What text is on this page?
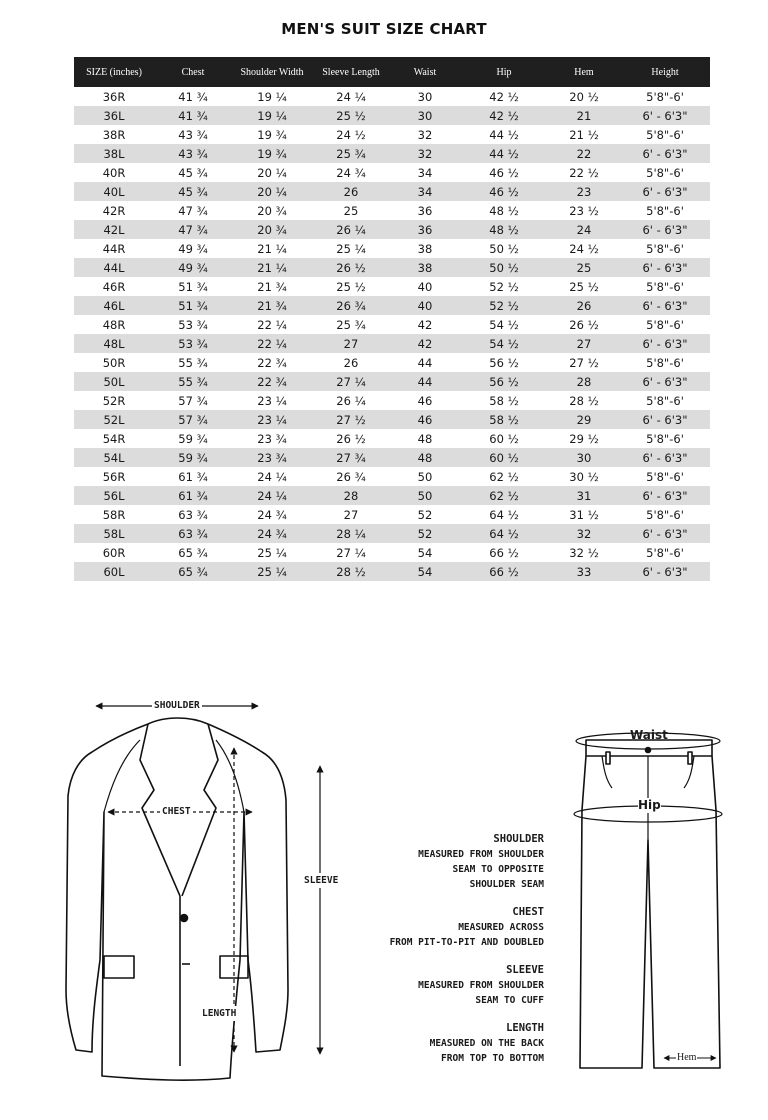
MEN'S SUIT SIZE CHART
SIZE (inches)	Chest	Shoulder Width	Sleeve Length	Waist	Hip	Hem	Height
36R	41 ¾	19 ¼	24 ¼	30	42 ½	20 ½	5'8"-6'
36L	41 ¾	19 ¼	25 ½	30	42 ½	21	6' - 6'3"
38R	43 ¾	19 ¾	24 ½	32	44 ½	21 ½	5'8"-6'
38L	43 ¾	19 ¾	25 ¾	32	44 ½	22	6' - 6'3"
40R	45 ¾	20 ¼	24 ¾	34	46 ½	22 ½	5'8"-6'
40L	45 ¾	20 ¼	26	34	46 ½	23	6' - 6'3"
42R	47 ¾	20 ¾	25	36	48 ½	23 ½	5'8"-6'
42L	47 ¾	20 ¾	26 ¼	36	48 ½	24	6' - 6'3"
44R	49 ¾	21 ¼	25 ¼	38	50 ½	24 ½	5'8"-6'
44L	49 ¾	21 ¼	26 ½	38	50 ½	25	6' - 6'3"
46R	51 ¾	21 ¾	25 ½	40	52 ½	25 ½	5'8"-6'
46L	51 ¾	21 ¾	26 ¾	40	52 ½	26	6' - 6'3"
48R	53 ¾	22 ¼	25 ¾	42	54 ½	26 ½	5'8"-6'
48L	53 ¾	22 ¼	27	42	54 ½	27	6' - 6'3"
50R	55 ¾	22 ¾	26	44	56 ½	27 ½	5'8"-6'
50L	55 ¾	22 ¾	27 ¼	44	56 ½	28	6' - 6'3"
52R	57 ¾	23 ¼	26 ¼	46	58 ½	28 ½	5'8"-6'
52L	57 ¾	23 ¼	27 ½	46	58 ½	29	6' - 6'3"
54R	59 ¾	23 ¾	26 ½	48	60 ½	29 ½	5'8"-6'
54L	59 ¾	23 ¾	27 ¾	48	60 ½	30	6' - 6'3"
56R	61 ¾	24 ¼	26 ¾	50	62 ½	30 ½	5'8"-6'
56L	61 ¾	24 ¼	28	50	62 ½	31	6' - 6'3"
58R	63 ¾	24 ¾	27	52	64 ½	31 ½	5'8"-6'
58L	63 ¾	24 ¾	28 ¼	52	64 ½	32	6' - 6'3"
60R	65 ¾	25 ¼	27 ¼	54	66 ½	32 ½	5'8"-6'
60L	65 ¾	25 ¼	28 ½	54	66 ½	33	6' - 6'3"
SHOULDER
CHEST
SLEEVE
LENGTH
Waist
Hip
Hem
SHOULDER
MEASURED FROM SHOULDER
SEAM TO OPPOSITE
SHOULDER SEAM
CHEST
MEASURED ACROSS
FROM PIT-TO-PIT AND DOUBLED
SLEEVE
MEASURED FROM SHOULDER
SEAM TO CUFF
LENGTH
MEASURED ON THE BACK
FROM TOP TO BOTTOM
